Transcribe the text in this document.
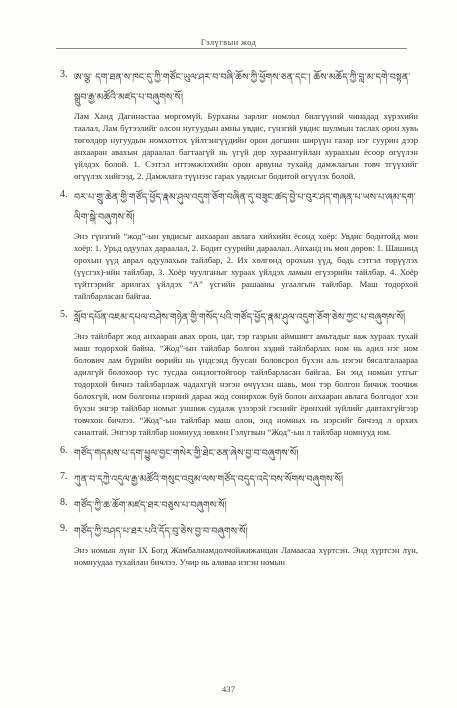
Гэлүгвын жод
3. ཨ་ལྕ་ དག་ཐན་ས་ཁང་དུ་ཀྱི་གཙོང་ཡུལ་ཤར་བ་བཞི་ཆོས་ཀྱི་ཕྱོགས་ཅན་དང་། ཆོས་མཆོད་ཀྱི་བླ་མ་དགེ་བསྟན་སྒྲུབ་རྒྱ་མཚོའི་མཛད་པ་བཞུགས་སོ།
Лам Ханд Дагинастаа мөргөмүй. Бурханы зарлиг номлол билгүүний чинадад хүрэхийн таалал, Лам бүтээлийг олсон нугуудын амны увдис, гүнзгий увдис шулмын таслах орон хувь төгөлдөр нугуудын номхотгох үйлтэнгүүдийн орон догшин ширүүн газар нэг суурин дээр анхааран авахын дараалал багтаагүй нь үгүй дор хураангуйлан хураахын ёсоор өгүүлэн үйлдэх болой. 1. Сэтгэл иттэмжлэхийн орон арвуны тухайд дамжлагын товч тгүүхийг өгүүлэх хийгээд, 2. Дамжлага түүнээс гарах увдисыг бодитой өгүүлэх болой.
4. བར་པ་གྲུ་ཆེན་གྱི་གཙོད་ཕྱོད་རྣམ་ཤུལ་འདུག་ཅོག་བཞིན་དུ་བཟུང་ཚད་བྱེ་པ་བུར་ཤད་གཞན་པ་ཡས་པ་ཞམ་དག་ལིག་སྒེ་བཞུགས་སོ།
Энэ гүнзгий “жод”-ын увдисыг анхааран авлага хийхийн ёсонд хоёр: Увдис бодитойд мөн хоёр: 1. Урьд одуулах дараалал, 2. Бодит суурийн дараалал. Анханд нь мөн дөрөв: 1. Шашинд орохын үүд аврал одуулахын тайлбар, 2. Их хөлгөнд орохын үүд, бодь сэтгэл төрүүлэх (үүсгэх)-ийн тайлбар, 3. Хоёр чуулганыг хураах үйлдэх ламын егүзэрийн тайлбар. 4. Хоёр түйтгэрийг арилгах үйлдэх “А” үсгийн рашааны угаалгын тайлбар. Маш тодорхой тайлбарласан байгаа.
5. སློབ་དཔོན་འཇམ་དཔལ་བཤེས་གཉེན་གྱི་གསོད་པའི་གཙོད་ཕྱོད་རྣམ་ཤུལ་འདུག་ཅོག་ཅེས་ཀྱང་པ་བཞུགས་སོ།
Энэ тайлбарт жод анхааран авах орон, цаг, тэр газрын аймшигт амьтадыг яаж хураах тухай маш тодорхой байна. “Жод”-ын тайлбар болгон хэдий тайлбарлах ном нь адил нэг ном болович лам бүрийн өөрийн нь үндсэнд буусан боловсрол бүхэн аль нэгэн бясалгалаараа адилгүй болохоор тус тусдаа онцлогтойгоор тайлбарласан байгаа. Би энд номын утгыг тодорхой бичнэ тайлбарлаж чадахгүй нэгэн өчүүхэн шавь, мөн тэр болгон бичиж тоочиж болохгүй, ном болгоны нэрний дараа жод сонирхож буй болон анхааран авлага болгодог хэн бүхэн энгэр тайлбар номыг уншиж судалж үзээрэй гэснийг ёрөнхий зүйлийг давтахгүйгээр товчхон бичлээ. “Жод”-ын тайлбар маш олон, энд номных нь нэрсийг бичээд л орхих саналтай. Энгээр тайлбар номнууд зөвхөн Гэлүгвын “Жод”-ын л тайлбар номнууд юм.
6. གཙོད་གདམས་པ་དག་ཕྱུལ་བྱང་གསེར་གྱི་ཐེང་ཅན་ཞེས་བྱ་བ་བཞུགས་སོ།
7. ཀུན་བ་དཀྱེ་འདུལ་རྒྱ་མཚོའི་གསུང་འབུམ་ལས་གཙོད་བདུད་འདེ་བས་སོགས་བཞུགས་སོ།
8. གཙོད་ཀྱི་ཆ་ཆོག་མཛད་ཐར་བཅུས་པ་བཞུགས་སོ།
9. གཙོད་ཀྱི་བཤད་པ་ཐར་པའི་དོད་བུ་ཅེས་བྱ་བ་བཞུགས་སོ།
Энэ номын лүнг IX Богд Жамбалнамдолчойжижанцан Ламаасаа хүртсэн. Энд хүртсэн лүн, номнуудаа тухайлан бичлээ. Учир нь аливаа нэгэн номын
437
